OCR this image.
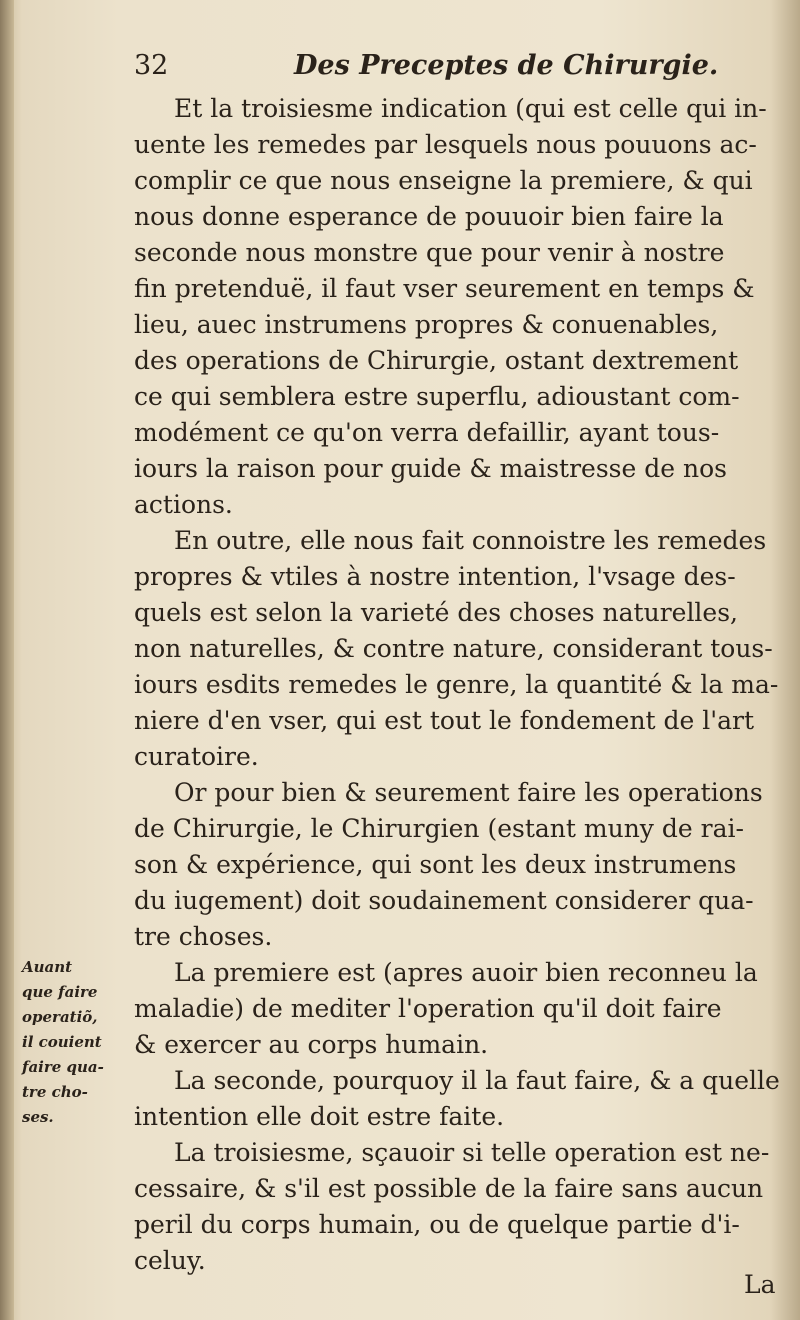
32	Des Preceptes de Chirurgie.
Et la troisiesme indication (qui est celle qui in-
uente les remedes par lesquels nous pouuons ac-
complir ce que nous enseigne la premiere, & qui
nous donne esperance de pouuoir bien faire la
seconde nous monstre que pour venir à nostre
fin pretenduë, il faut vser seurement en temps &
lieu, auec instrumens propres & conuenables,
des operations de Chirurgie, ostant dextrement
ce qui semblera estre superflu, adioustant com-
modément ce qu'on verra defaillir, ayant tous-
iours la raison pour guide & maistresse de nos
actions.
En outre, elle nous fait connoistre les remedes
propres & vtiles à nostre intention, l'vsage des-
quels est selon la varieté des choses naturelles,
non naturelles, & contre nature, considerant tous-
iours esdits remedes le genre, la quantité & la ma-
niere d'en vser, qui est tout le fondement de l'art
curatoire.
Or pour bien & seurement faire les operations
de Chirurgie, le Chirurgien (estant muny de rai-
son & expérience, qui sont les deux instrumens
du iugement) doit soudainement considerer qua-
tre choses.
La premiere est (apres auoir bien reconneu la
maladie) de mediter l'operation qu'il doit faire
& exercer au corps humain.
La seconde, pourquoy il la faut faire, & a quelle
intention elle doit estre faite.
La troisiesme, sçauoir si telle operation est ne-
cessaire, & s'il est possible de la faire sans aucun
peril du corps humain, ou de quelque partie d'i-
celuy.
Auant
que faire
operatiõ,
il couient
faire qua-
tre cho-
ses.
La
